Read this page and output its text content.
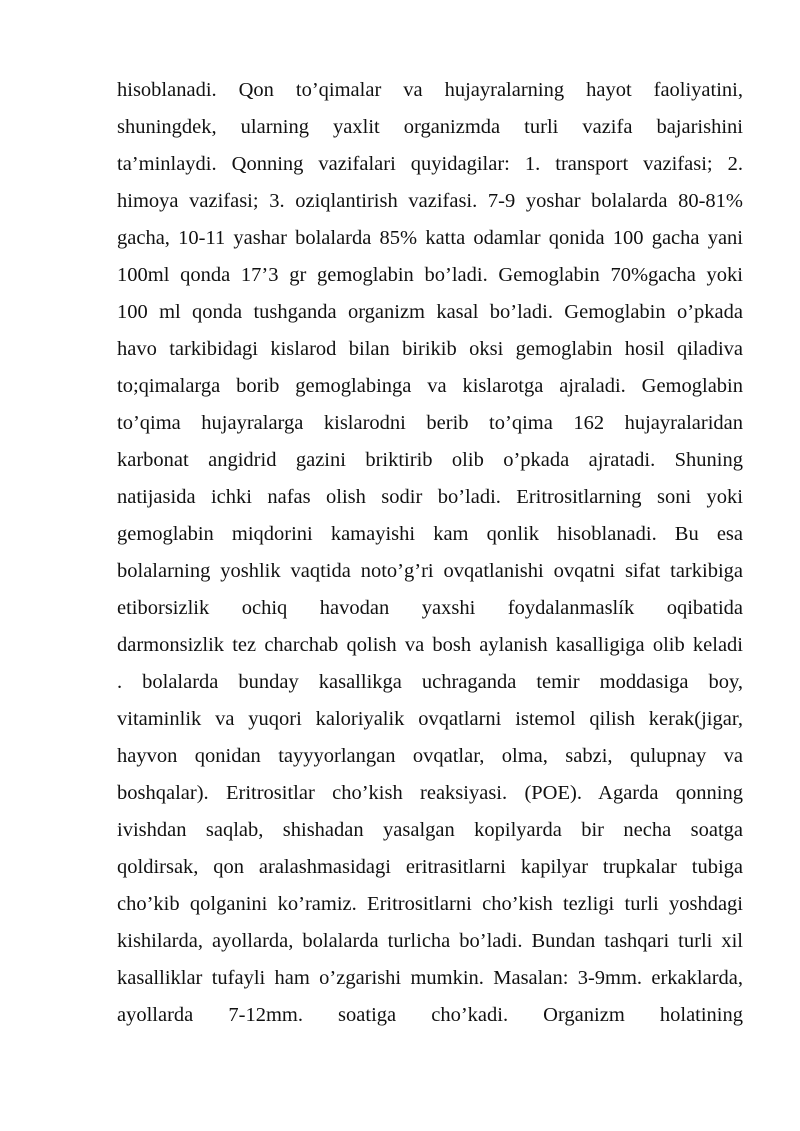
hisoblanadi. Qon to’qimalar va hujayralarning hayot faoliyatini,
shuningdek, ularning yaxlit organizmda turli vazifa bajarishini
ta’minlaydi. Qonning vazifalari quyidagilar: 1. transport vazifasi; 2.
himoya vazifasi; 3. oziqlantirish vazifasi. 7-9 yoshar bolalarda 80-81%
gacha, 10-11 yashar bolalarda 85% katta odamlar qonida 100 gacha yani
100ml qonda 17’3 gr gemoglabin bo’ladi. Gemoglabin 70%gacha yoki
100 ml qonda tushganda organizm kasal bo’ladi. Gemoglabin o’pkada
havo tarkibidagi kislarod bilan birikib oksi gemoglabin hosil qiladiva
to;qimalarga borib gemoglabinga va kislarotga ajraladi. Gemoglabin
to’qima hujayralarga kislarodni berib to’qima 162 hujayralaridan
karbonat angidrid gazini briktirib olib o’pkada ajratadi. Shuning
natijasida ichki nafas olish sodir bo’ladi. Eritrositlarning soni yoki
gemoglabin miqdorini kamayishi kam qonlik hisoblanadi. Bu esa
bolalarning yoshlik vaqtida noto’g’ri ovqatlanishi ovqatni sifat tarkibiga
etiborsizlik ochiq havodan yaxshi foydalanmaslík oqibatida
darmonsizlik tez charchab qolish va bosh aylanish kasalligiga olib keladi
. bolalarda bunday kasallikga uchraganda temir moddasiga boy,
vitaminlik va yuqori kaloriyalik ovqatlarni istemol qilish kerak(jigar,
hayvon qonidan tayyyorlangan ovqatlar, olma, sabzi, qulupnay va
boshqalar). Eritrositlar cho’kish reaksiyasi. (POE). Agarda qonning
ivishdan saqlab, shishadan yasalgan kopilyarda bir necha soatga
qoldirsak, qon aralashmasidagi eritrasitlarni kapilyar trupkalar tubiga
cho’kib qolganini ko’ramiz. Eritrositlarni cho’kish tezligi turli yoshdagi
kishilarda, ayollarda, bolalarda turlicha bo’ladi. Bundan tashqari turli xil
kasalliklar tufayli ham o’zgarishi mumkin. Masalan: 3-9mm. erkaklarda,
ayollarda 7-12mm. soatiga cho’kadi. Organizm holatining
